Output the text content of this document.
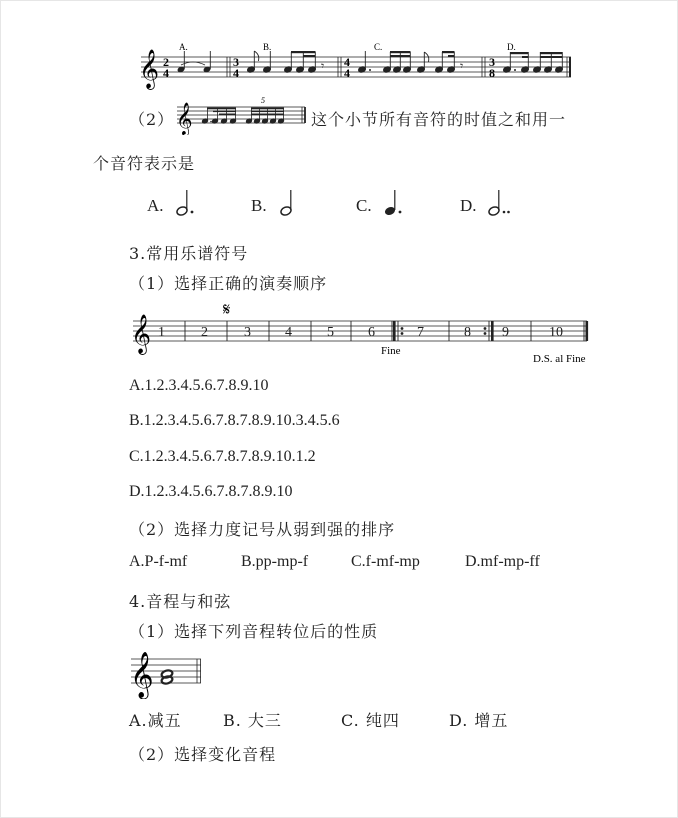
𝄞
A.	B.	C.	D.
2
4
3
4
4
4
3
8
𝄾	𝄾
（2） 𝄞
5
这个小节所有音符的时值之和用一
个音符表示是
A.	B.	C.	D.
3.常用乐谱符号
（1）选择正确的演奏顺序
𝄞
𝄋
1	2	3 4	5 6	7	8 9	10
Fine
D.S. al Fine
A.1.2.3.4.5.6.7.8.9.10
B.1.2.3.4.5.6.7.8.7.8.9.10.3.4.5.6
C.1.2.3.4.5.6.7.8.7.8.9.10.1.2
D.1.2.3.4.5.6.7.8.7.8.9.10
（2）选择力度记号从弱到强的排序
A.P-f-mf	B.pp-mp-f	C.f-mf-mp	D.mf-mp-ff
4.音程与和弦
（1）选择下列音程转位后的性质
𝄞
A.减五	B. 大三	C. 纯四	D. 增五
（2）选择变化音程
